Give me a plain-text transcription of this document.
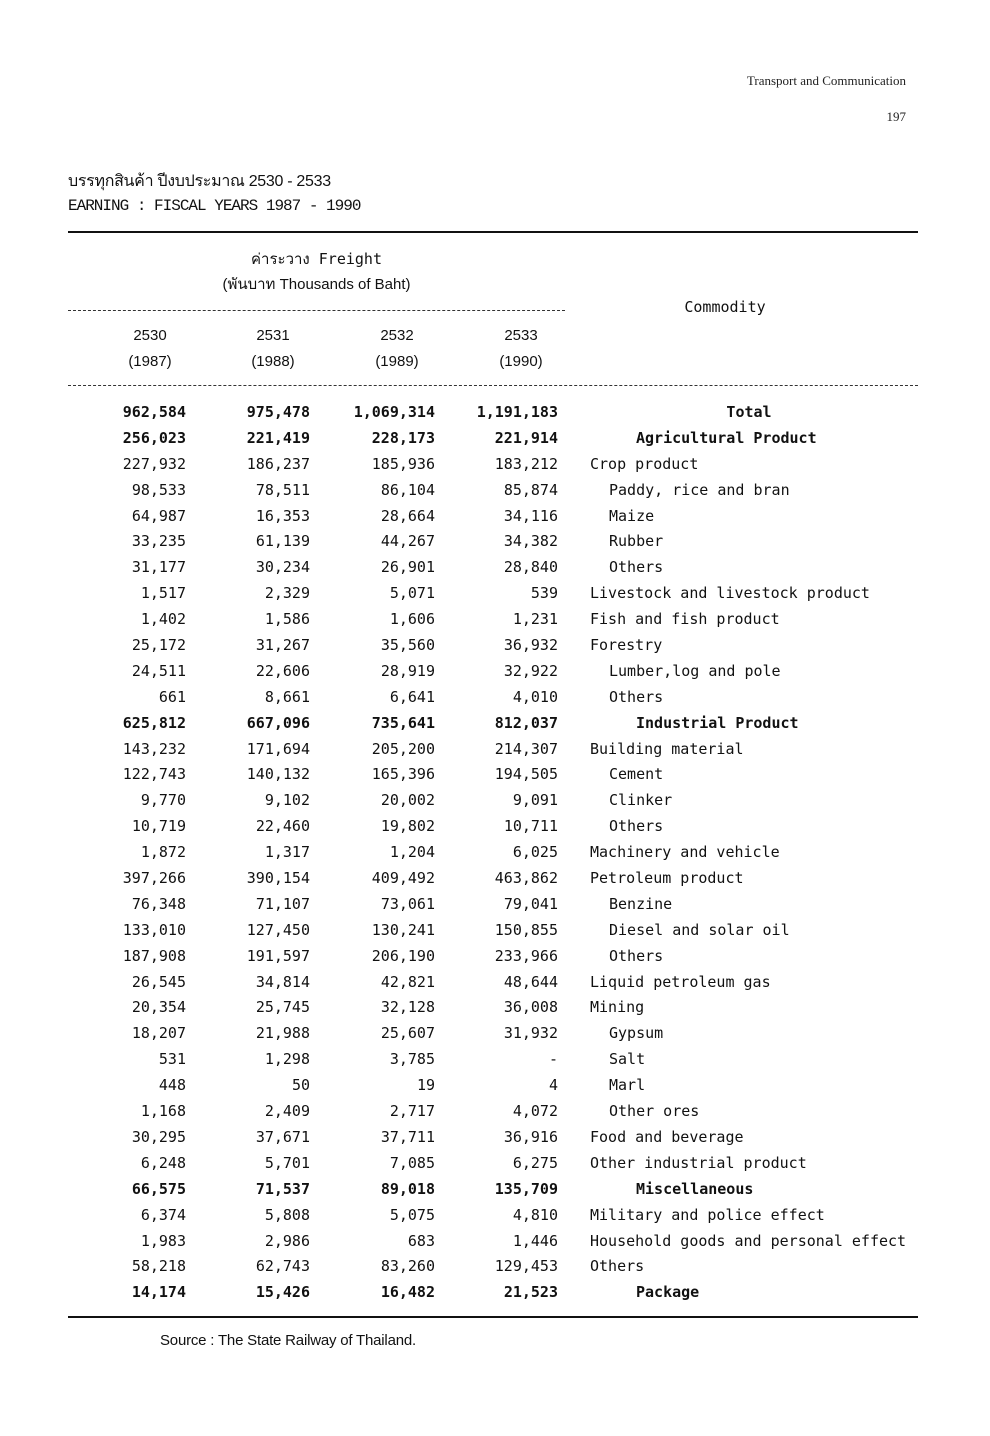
Transport and Communication
197
บรรทุกสินค้า ปีงบประมาณ 2530 - 2533
EARNING : FISCAL YEARS 1987 - 1990
ค่าระวาง Freight
(พันบาท Thousands of Baht)
Commodity
2530
(1987)
2531
(1988)
2532
(1989)
2533
(1990)
962,584	975,478	1,069,314	1,191,183	Total
256,023	221,419	228,173	221,914	Agricultural Product
227,932	186,237	185,936	183,212 Crop product
98,533	78,511	86,104	85,874	Paddy, rice and bran
64,987	16,353	28,664	34,116	Maize
33,235	61,139	44,267	34,382	Rubber
31,177	30,234	26,901	28,840	Others
1,517	2,329	5,071	539 Livestock and livestock product
1,402	1,586	1,606	1,231 Fish and fish product
25,172	31,267	35,560	36,932 Forestry
24,511	22,606	28,919	32,922	Lumber,log and pole
661	8,661	6,641	4,010	Others
625,812	667,096	735,641	812,037	Industrial Product
143,232	171,694	205,200	214,307 Building material
122,743	140,132	165,396	194,505	Cement
9,770	9,102	20,002	9,091	Clinker
10,719	22,460	19,802	10,711	Others
1,872	1,317	1,204	6,025 Machinery and vehicle
397,266	390,154	409,492	463,862 Petroleum product
76,348	71,107	73,061	79,041	Benzine
133,010	127,450	130,241	150,855	Diesel and solar oil
187,908	191,597	206,190	233,966	Others
26,545	34,814	42,821	48,644 Liquid petroleum gas
20,354	25,745	32,128	36,008 Mining
18,207	21,988	25,607	31,932	Gypsum
531	1,298	3,785	-	Salt
448	50	19	4	Marl
1,168	2,409	2,717	4,072	Other ores
30,295	37,671	37,711	36,916 Food and beverage
6,248	5,701	7,085	6,275 Other industrial product
66,575	71,537	89,018	135,709	Miscellaneous
6,374	5,808	5,075	4,810 Military and police effect
1,983	2,986	683	1,446 Household goods and personal effect
58,218	62,743	83,260	129,453 Others
14,174	15,426	16,482	21,523	Package
Source : The State Railway of Thailand.
